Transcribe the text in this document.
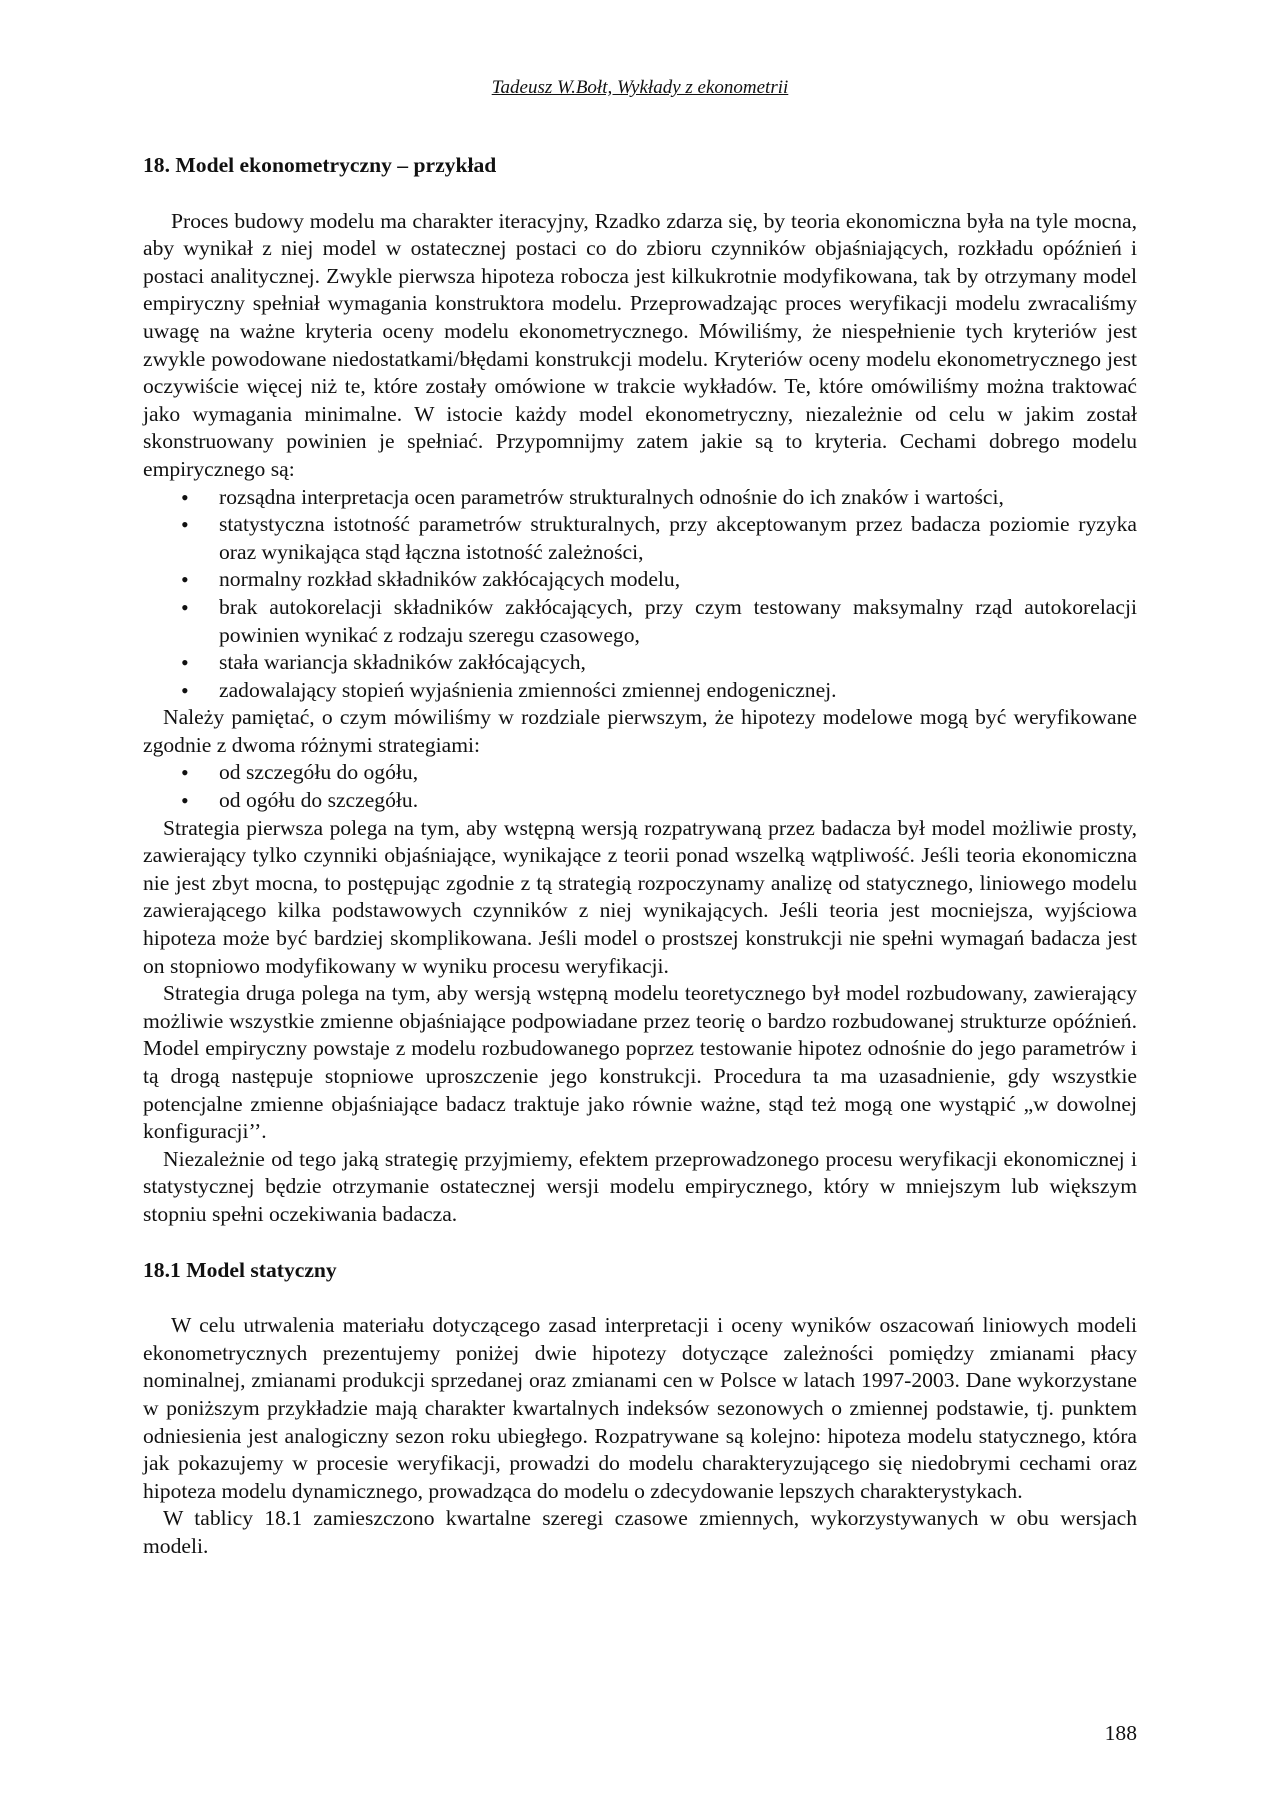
Tadeusz W.Bołt, Wykłady z ekonometrii
18. Model ekonometryczny – przykład

Proces budowy modelu ma charakter iteracyjny, Rzadko zdarza się, by teoria ekonomiczna była na tyle mocna, aby wynikał z niej model w ostatecznej postaci co do zbioru czynników objaśniających, rozkładu opóźnień i postaci analitycznej. Zwykle pierwsza hipoteza robocza jest kilkukrotnie modyfikowana, tak by otrzymany model empiryczny spełniał wymagania konstruktora modelu. Przeprowadzając proces weryfikacji modelu zwracaliśmy uwagę na ważne kryteria oceny modelu ekonometrycznego. Mówiliśmy, że niespełnienie tych kryteriów jest zwykle powodowane niedostatkami/błędami konstrukcji modelu. Kryteriów oceny modelu ekonometrycznego jest oczywiście więcej niż te, które zostały omówione w trakcie wykładów. Te, które omówiliśmy można traktować jako wymagania minimalne. W istocie każdy model ekonometryczny, niezależnie od celu w jakim został skonstruowany powinien je spełniać. Przypomnijmy zatem jakie są to kryteria. Cechami dobrego modelu empirycznego są:

• rozsądna interpretacja ocen parametrów strukturalnych odnośnie do ich znaków i wartości,
• statystyczna istotność parametrów strukturalnych, przy akceptowanym przez badacza poziomie ryzyka oraz wynikająca stąd łączna istotność zależności,
• normalny rozkład składników zakłócających modelu,
• brak autokorelacji składników zakłócających, przy czym testowany maksymalny rząd autokorelacji powinien wynikać z rodzaju szeregu czasowego,
• stała wariancja składników zakłócających,
• zadowalający stopień wyjaśnienia zmienności zmiennej endogenicznej.

Należy pamiętać, o czym mówiliśmy w rozdziale pierwszym, że hipotezy modelowe mogą być weryfikowane zgodnie z dwoma różnymi strategiami:

• od szczegółu do ogółu,
• od ogółu do szczegółu.

Strategia pierwsza polega na tym, aby wstępną wersją rozpatrywaną przez badacza był model możliwie prosty, zawierający tylko czynniki objaśniające, wynikające z teorii ponad wszelką wątpliwość. Jeśli teoria ekonomiczna nie jest zbyt mocna, to postępując zgodnie z tą strategią rozpoczynamy analizę od statycznego, liniowego modelu zawierającego kilka podstawowych czynników z niej wynikających. Jeśli teoria jest mocniejsza, wyjściowa hipoteza może być bardziej skomplikowana. Jeśli model o prostszej konstrukcji nie spełni wymagań badacza jest on stopniowo modyfikowany w wyniku procesu weryfikacji.

Strategia druga polega na tym, aby wersją wstępną modelu teoretycznego był model rozbudowany, zawierający możliwie wszystkie zmienne objaśniające podpowiadane przez teorię o bardzo rozbudowanej strukturze opóźnień. Model empiryczny powstaje z modelu rozbudowanego poprzez testowanie hipotez odnośnie do jego parametrów i tą drogą następuje stopniowe uproszczenie jego konstrukcji. Procedura ta ma uzasadnienie, gdy wszystkie potencjalne zmienne objaśniające badacz traktuje jako równie ważne, stąd też mogą one wystąpić „w dowolnej konfiguracji’’.

Niezależnie od tego jaką strategię przyjmiemy, efektem przeprowadzonego procesu weryfikacji ekonomicznej i statystycznej będzie otrzymanie ostatecznej wersji modelu empirycznego, który w mniejszym lub większym stopniu spełni oczekiwania badacza.

18.1 Model statyczny

W celu utrwalenia materiału dotyczącego zasad interpretacji i oceny wyników oszacowań liniowych modeli ekonometrycznych prezentujemy poniżej dwie hipotezy dotyczące zależności pomiędzy zmianami płacy nominalnej, zmianami produkcji sprzedanej oraz zmianami cen w Polsce w latach 1997-2003. Dane wykorzystane w poniższym przykładzie mają charakter kwartalnych indeksów sezonowych o zmiennej podstawie, tj. punktem odniesienia jest analogiczny sezon roku ubiegłego. Rozpatrywane są kolejno: hipoteza modelu statycznego, która jak pokazujemy w procesie weryfikacji, prowadzi do modelu charakteryzującego się niedobrymi cechami oraz hipoteza modelu dynamicznego, prowadząca do modelu o zdecydowanie lepszych charakterystykach.

W tablicy 18.1 zamieszczono kwartalne szeregi czasowe zmiennych, wykorzystywanych w obu wersjach modeli.

188
